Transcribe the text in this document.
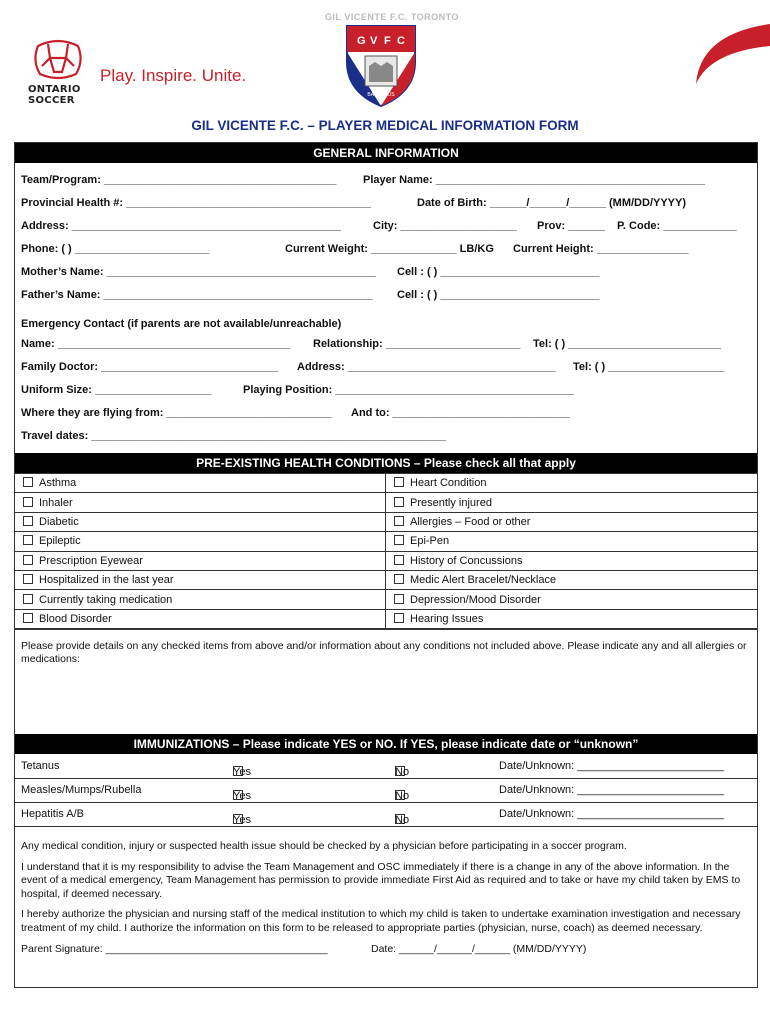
ONTARIO
SOCCER
Play. Inspire. Unite.
GIL VICENTE F.C. TORONTO
G V F C
BARCELOS
GIL VICENTE F.C. – PLAYER MEDICAL INFORMATION FORM
GENERAL INFORMATION
Team/Program: ______________________________________ Player Name: ____________________________________________
Provincial Health #: ________________________________________	Date of Birth: ______/______/______ (MM/DD/YYYY)
Address: ____________________________________________	City: ___________________ Prov: ______ P. Code: ____________
Phone: ( ) ______________________	Current Weight: ______________ LB/KG Current Height: _______________
Mother’s Name: ____________________________________________ Cell : ( ) __________________________
Father’s Name: ____________________________________________ Cell : ( ) __________________________
Emergency Contact (if parents are not available/unreachable)
Name: ______________________________________ Relationship: ______________________ Tel: ( ) _________________________
Family Doctor: _____________________________ Address: __________________________________ Tel: ( ) ___________________
Uniform Size: ___________________	Playing Position: _______________________________________
Where they are flying from: ___________________________ And to: _____________________________
Travel dates: __________________________________________________________
PRE-EXISTING HEALTH CONDITIONS – Please check all that apply
Asthma	Heart Condition
Inhaler	Presently injured
Diabetic	Allergies – Food or other
Epileptic	Epi-Pen
Prescription Eyewear	History of Concussions
Hospitalized in the last year	Medic Alert Bracelet/Necklace
Currently taking medication	Depression/Mood Disorder
Blood Disorder	Hearing Issues
Please provide details on any checked items from above and/or information about any conditions not included above. Please indicate any and all allergies or medications:
IMMUNIZATIONS – Please indicate YES or NO. If YES, please indicate date or “unknown”
Tetanus	Yes	No	Date/Unknown: ________________________
Measles/Mumps/Rubella	Yes	No	Date/Unknown: ________________________
Hepatitis A/B	Yes	No	Date/Unknown: ________________________

Any medical condition, injury or suspected health issue should be checked by a physician before participating in a soccer program.

I understand that it is my responsibility to advise the Team Management and OSC immediately if there is a change in any of the above information. In the event of a medical emergency, Team Management has permission to provide immediate First Aid as required and to take or have my child taken by EMS to hospital, if deemed necessary.

I hereby authorize the physician and nursing staff of the medical institution to which my child is taken to undertake examination investigation and necessary treatment of my child. I authorize the information on this form to be released to appropriate parties (physician, nurse, coach) as deemed necessary.

Parent Signature: ______________________________________	Date: ______/______/______ (MM/DD/YYYY)
